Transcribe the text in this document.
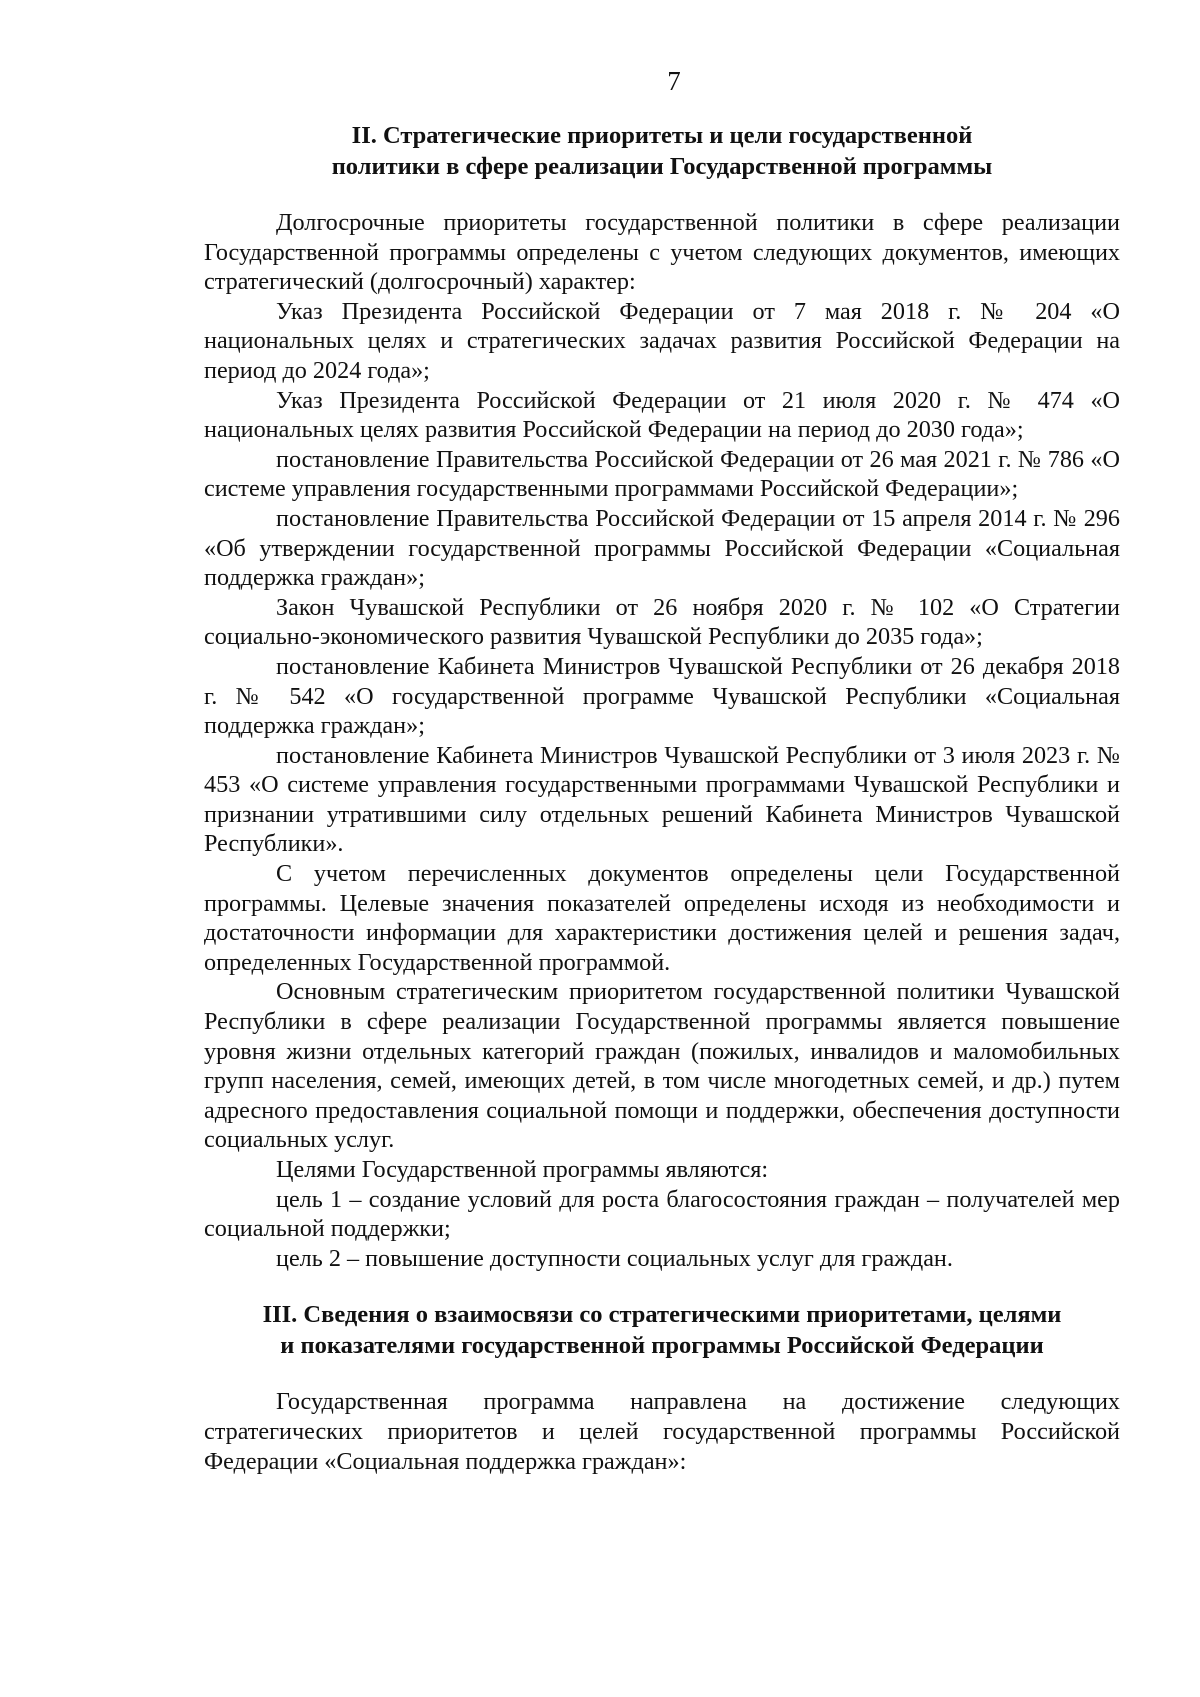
7
II. Стратегические приоритеты и цели государственной
политики в сфере реализации Государственной программы

Долгосрочные приоритеты государственной политики в сфере реализации Государственной программы определены с учетом следующих документов, имеющих стратегический (долгосрочный) характер:

Указ Президента Российской Федерации от 7 мая 2018 г. № 204 «О национальных целях и стратегических задачах развития Российской Федерации на период до 2024 года»;

Указ Президента Российской Федерации от 21 июля 2020 г. № 474 «О национальных целях развития Российской Федерации на период до 2030 года»;

постановление Правительства Российской Федерации от 26 мая 2021 г. № 786 «О системе управления государственными программами Российской Федерации»;

постановление Правительства Российской Федерации от 15 апреля 2014 г. № 296 «Об утверждении государственной программы Российской Федерации «Социальная поддержка граждан»;

Закон Чувашской Республики от 26 ноября 2020 г. № 102 «О Стратегии социально-экономического развития Чувашской Республики до 2035 года»;

постановление Кабинета Министров Чувашской Республики от 26 декабря 2018 г. № 542 «О государственной программе Чувашской Республики «Социальная поддержка граждан»;

постановление Кабинета Министров Чувашской Республики от 3 июля 2023 г. № 453 «О системе управления государственными программами Чувашской Республики и признании утратившими силу отдельных решений Кабинета Министров Чувашской Республики».

С учетом перечисленных документов определены цели Государственной программы. Целевые значения показателей определены исходя из необходимости и достаточности информации для характеристики достижения целей и решения задач, определенных Государственной программой.

Основным стратегическим приоритетом государственной политики Чувашской Республики в сфере реализации Государственной программы является повышение уровня жизни отдельных категорий граждан (пожилых, инвалидов и маломобильных групп населения, семей, имеющих детей, в том числе многодетных семей, и др.) путем адресного предоставления социальной помощи и поддержки, обеспечения доступности социальных услуг.

Целями Государственной программы являются:

цель 1 – создание условий для роста благосостояния граждан – получателей мер социальной поддержки;

цель 2 – повышение доступности социальных услуг для граждан.

III. Сведения о взаимосвязи со стратегическими приоритетами, целями
и показателями государственной программы Российской Федерации

Государственная программа направлена на достижение следующих стратегических приоритетов и целей государственной программы Российской Федерации «Социальная поддержка граждан»:
